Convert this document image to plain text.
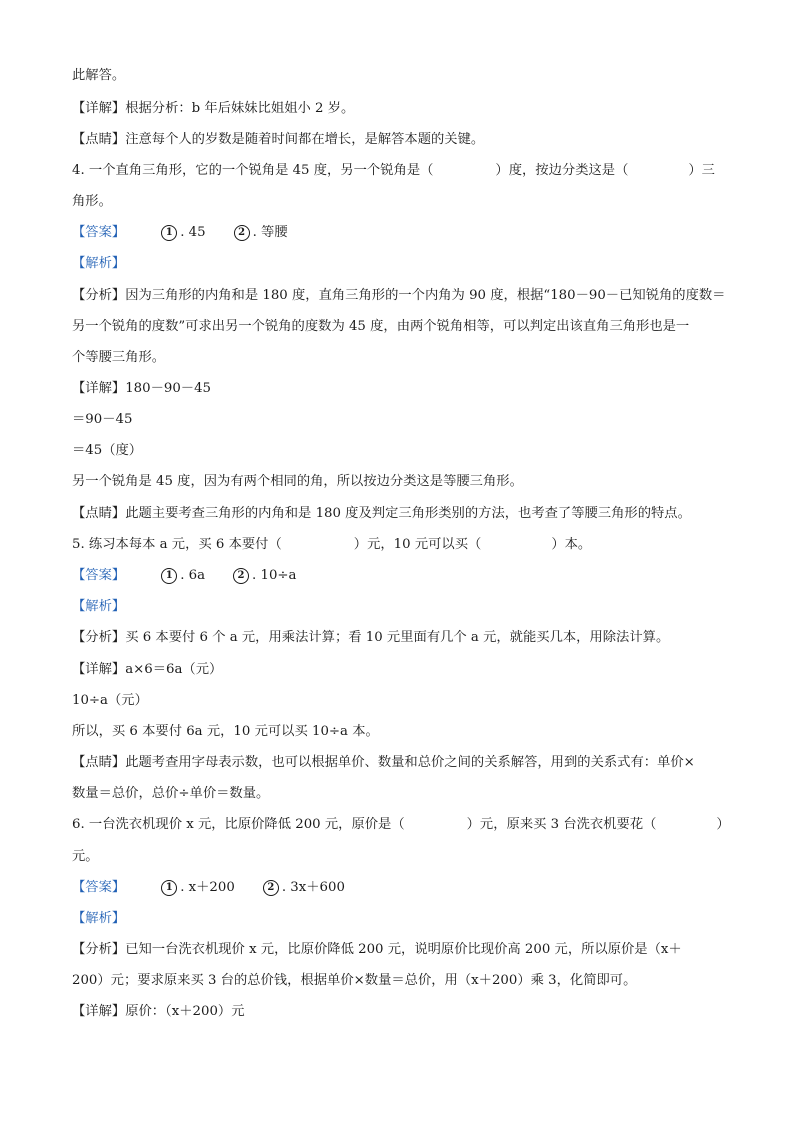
此解答。
【详解】根据分析：b 年后妹妹比姐姐小 2 岁。
【点睛】注意每个人的岁数是随着时间都在增长，是解答本题的关键。
4. 一个直角三角形，它的一个锐角是 45 度，另一个锐角是（	）度，按边分类这是（	）三
角形。
【答案】	1 . 45	2 . 等腰
【解析】
【分析】因为三角形的内角和是 180 度，直角三角形的一个内角为 90 度，根据“180－90－已知锐角的度数＝
另一个锐角的度数”可求出另一个锐角的度数为 45 度，由两个锐角相等，可以判定出该直角三角形也是一
个等腰三角形。
【详解】180－90－45
＝90－45
＝45（度）
另一个锐角是 45 度，因为有两个相同的角，所以按边分类这是等腰三角形。
【点睛】此题主要考查三角形的内角和是 180 度及判定三角形类别的方法，也考查了等腰三角形的特点。
5. 练习本每本 a 元，买 6 本要付（	）元，10 元可以买（	）本。
【答案】	1 . 6a	2 . 10÷a
【解析】
【分析】买 6 本要付 6 个 a 元，用乘法计算；看 10 元里面有几个 a 元，就能买几本，用除法计算。
【详解】a×6＝6a（元）
10÷a（元）
所以，买 6 本要付 6a 元，10 元可以买 10÷a 本。
【点睛】此题考查用字母表示数，也可以根据单价、数量和总价之间的关系解答，用到的关系式有：单价×
数量＝总价，总价÷单价＝数量。
6. 一台洗衣机现价 x 元，比原价降低 200 元，原价是（	）元，原来买 3 台洗衣机要花（	）
元。
【答案】	1 . x＋200	2 . 3x＋600
【解析】
【分析】已知一台洗衣机现价 x 元，比原价降低 200 元，说明原价比现价高 200 元，所以原价是（x＋
200）元；要求原来买 3 台的总价钱，根据单价×数量＝总价，用（x＋200）乘 3，化简即可。
【详解】原价：（x＋200）元
